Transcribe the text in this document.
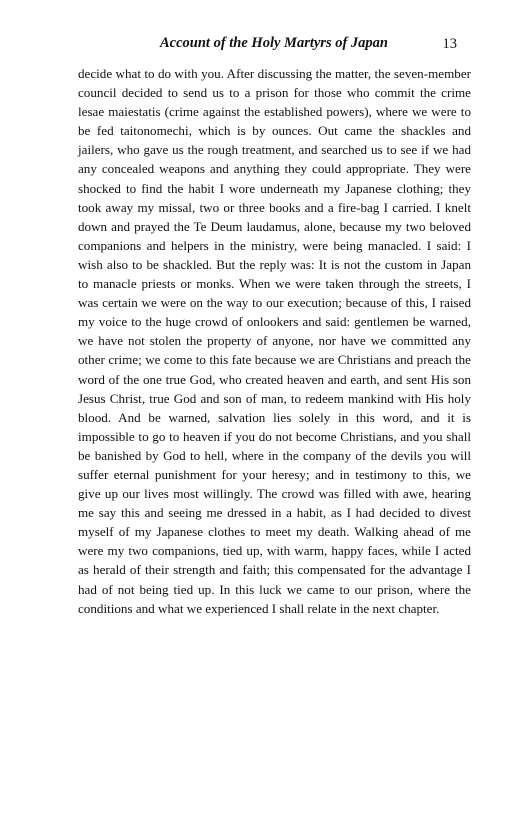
Account of the Holy Martyrs of Japan	13

decide what to do with you. After discussing the matter, the seven-member council decided to send us to a prison for those who commit the crime lesae maiestatis (crime against the established powers), where we were to be fed taitonomechi, which is by ounces. Out came the shackles and jailers, who gave us the rough treatment, and searched us to see if we had any concealed weapons and anything they could appropriate. They were shocked to find the habit I wore underneath my Japanese clothing; they took away my missal, two or three books and a fire-bag I carried. I knelt down and prayed the Te Deum laudamus, alone, because my two beloved companions and helpers in the ministry, were being manacled. I said: I wish also to be shackled. But the reply was: It is not the custom in Japan to manacle priests or monks. When we were taken through the streets, I was certain we were on the way to our execution; because of this, I raised my voice to the huge crowd of onlookers and said: gentlemen be warned, we have not stolen the property of anyone, nor have we committed any other crime; we come to this fate because we are Christians and preach the word of the one true God, who created heaven and earth, and sent His son Jesus Christ, true God and son of man, to redeem mankind with His holy blood. And be warned, salvation lies solely in this word, and it is impossible to go to heaven if you do not become Christians, and you shall be banished by God to hell, where in the company of the devils you will suffer eternal punishment for your heresy; and in testimony to this, we give up our lives most willingly. The crowd was filled with awe, hearing me say this and seeing me dressed in a habit, as I had decided to divest myself of my Japanese clothes to meet my death. Walking ahead of me were my two companions, tied up, with warm, happy faces, while I acted as herald of their strength and faith; this compensated for the advantage I had of not being tied up. In this luck we came to our prison, where the conditions and what we experienced I shall relate in the next chapter.
